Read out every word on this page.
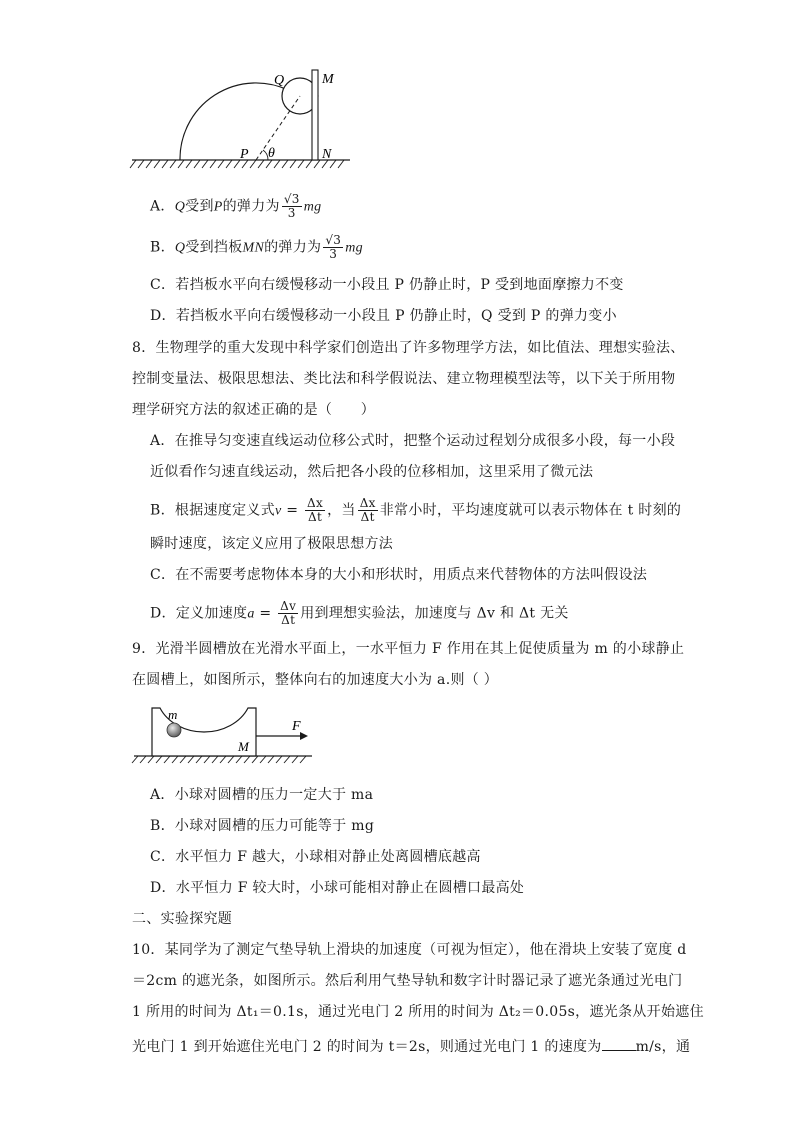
Q	M
P θ	N
A．Q受到P的弹力为 $\frac{√3}{3}$ mg
B．Q受到挡板MN的弹力为 $\frac{√3}{3}$ mg
C．若挡板水平向右缓慢移动一小段且 P 仍静止时，P 受到地面摩擦力不变
D．若挡板水平向右缓慢移动一小段且 P 仍静止时，Q 受到 P 的弹力变小
8．生物理学的重大发现中科学家们创造出了许多物理学方法，如比值法、理想实验法、
控制变量法、极限思想法、类比法和科学假说法、建立物理模型法等，以下关于所用物
理学研究方法的叙述正确的是（　　）
A．在推导匀变速直线运动位移公式时，把整个运动过程划分成很多小段，每一小段
近似看作匀速直线运动，然后把各小段的位移相加，这里采用了微元法
B．根据速度定义式$v = \frac{\Delta x}{\Delta t}$ ，当 $\frac{\Delta x}{\Delta t}$ 非常小时，平均速度就可以表示物体在 t 时刻的
瞬时速度，该定义应用了极限思想方法
C．在不需要考虑物体本身的大小和形状时，用质点来代替物体的方法叫假设法
D．定义加速度$a = \frac{\Delta v}{\Delta t}$ 用到理想实验法，加速度与 Δv 和 Δt 无关
9．光滑半圆槽放在光滑水平面上，一水平恒力 F 作用在其上促使质量为 m 的小球静止
在圆槽上，如图所示，整体向右的加速度大小为 a.则（ ）
m
M
F
A．小球对圆槽的压力一定大于 ma
B．小球对圆槽的压力可能等于 mg
C．水平恒力 F 越大，小球相对静止处离圆槽底越高
D．水平恒力 F 较大时，小球可能相对静止在圆槽口最高处
二、实验探究题
10．某同学为了测定气垫导轨上滑块的加速度（可视为恒定），他在滑块上安装了宽度 d
＝2cm 的遮光条，如图所示。然后利用气垫导轨和数字计时器记录了遮光条通过光电门
1 所用的时间为 Δt₁＝0.1s，通过光电门 2 所用的时间为 Δt₂＝0.05s，遮光条从开始遮住
光电门 1 到开始遮住光电门 2 的时间为 t＝2s，则通过光电门 1 的速度为 m/s，通
